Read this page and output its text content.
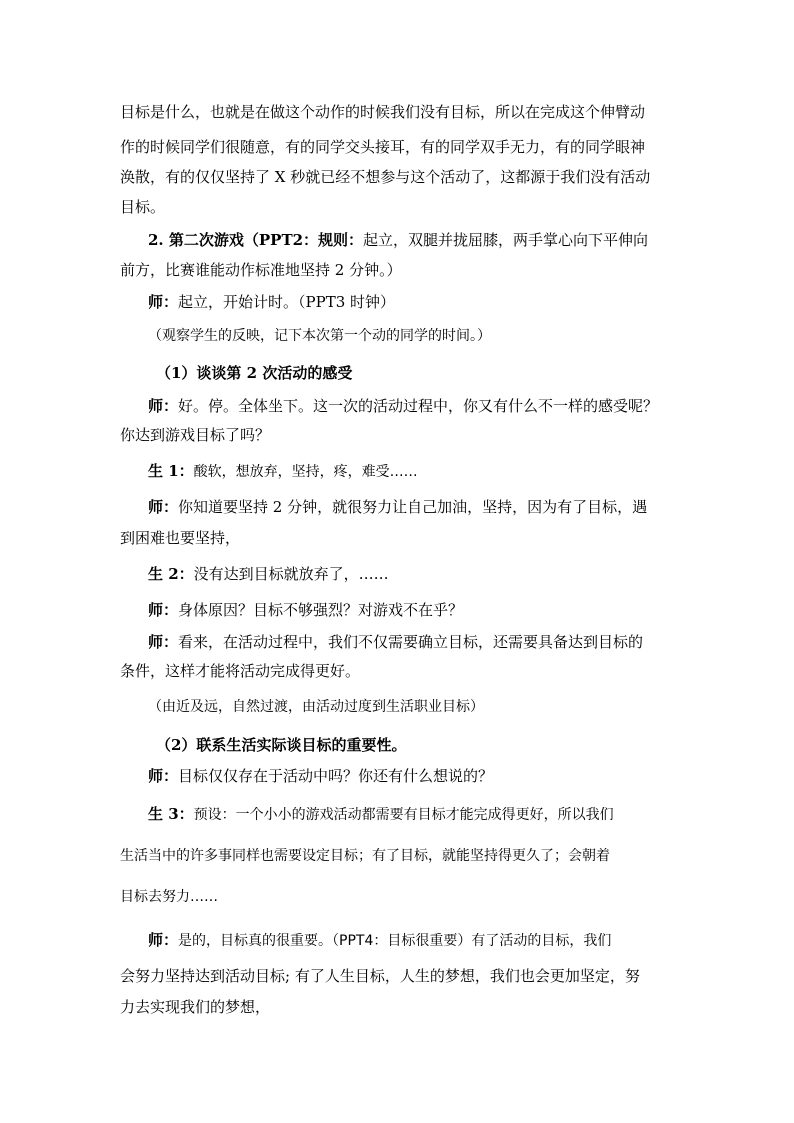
目标是什么，也就是在做这个动作的时候我们没有目标，所以在完成这个伸臂动
作的时候同学们很随意，有的同学交头接耳，有的同学双手无力，有的同学眼神
涣散，有的仅仅坚持了 X 秒就已经不想参与这个活动了，这都源于我们没有活动
目标。
2. 第二次游戏（PPT2：规则：起立，双腿并拢屈膝，两手掌心向下平伸向
前方，比赛谁能动作标准地坚持 2 分钟。）
师：起立，开始计时。（PPT3 时钟）
（观察学生的反映，记下本次第一个动的同学的时间。）
（1）谈谈第 2 次活动的感受
师：好。停。全体坐下。这一次的活动过程中，你又有什么不一样的感受呢？
你达到游戏目标了吗？
生 1：酸软，想放弃，坚持，疼，难受……
师：你知道要坚持 2 分钟，就很努力让自己加油，坚持，因为有了目标，遇
到困难也要坚持，
生 2：没有达到目标就放弃了，……
师：身体原因？目标不够强烈？对游戏不在乎？
师：看来，在活动过程中，我们不仅需要确立目标，还需要具备达到目标的
条件，这样才能将活动完成得更好。
（由近及远，自然过渡，由活动过度到生活职业目标）
（2）联系生活实际谈目标的重要性。
师：目标仅仅存在于活动中吗？你还有什么想说的？
生 3：预设：一个小小的游戏活动都需要有目标才能完成得更好，所以我们
生活当中的许多事同样也需要设定目标；有了目标，就能坚持得更久了；会朝着
目标去努力……
师：是的，目标真的很重要。（PPT4：目标很重要）有了活动的目标，我们
会努力坚持达到活动目标; 有了人生目标，人生的梦想，我们也会更加坚定，努
力去实现我们的梦想，
